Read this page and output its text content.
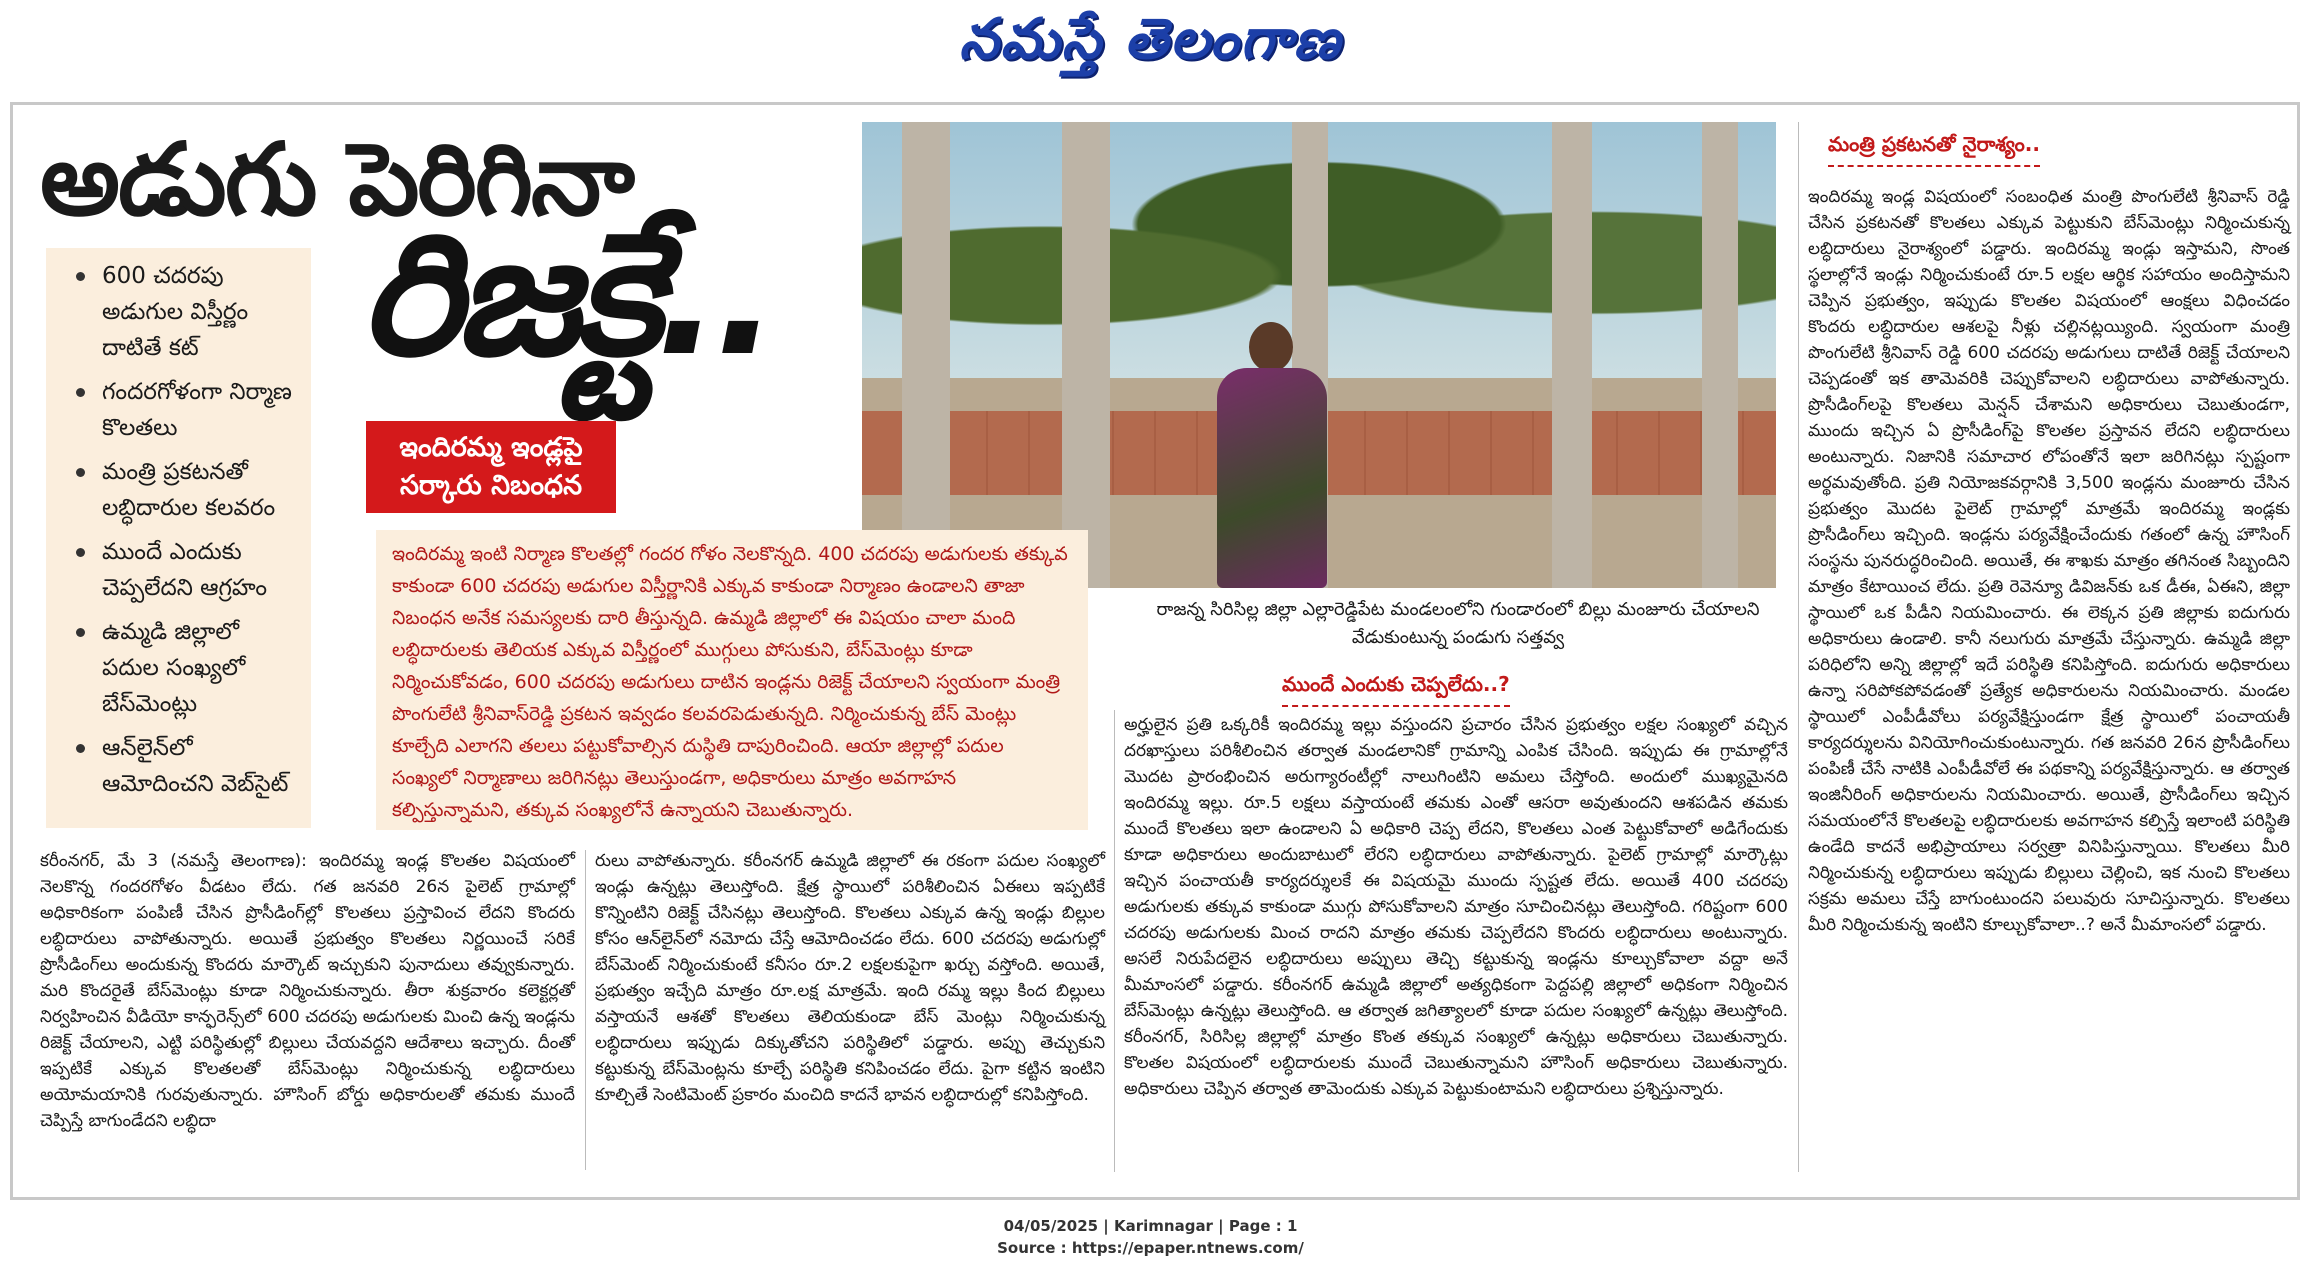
నమస్తే తెలంగాణ
అడుగు పెరిగినా
రిజక్టే..
600 చదరపు అడుగుల విస్తీర్ణం దాటితే కట్
గందరగోళంగా నిర్మాణ కొలతలు
మంత్రి ప్రకటనతో లబ్ధిదారుల కలవరం
ముందే ఎందుకు చెప్పలేదని ఆగ్రహం
ఉమ్మడి జిల్లాలో పదుల సంఖ్యలో బేస్‌మెంట్లు
ఆన్‌లైన్‌లో ఆమోదించని వెబ్‌సైట్
ఇందిరమ్మ ఇండ్లపై సర్కారు నిబంధన
రాజన్న సిరిసిల్ల జిల్లా ఎల్లారెడ్డిపేట మండలంలోని గుండారంలో బిల్లు మంజూరు చేయాలని వేడుకుంటున్న పండుగు సత్తవ్వ
ఇందిరమ్మ ఇంటి నిర్మాణ కొలతల్లో గందర గోళం నెలకొన్నది. 400 చదరపు అడుగులకు తక్కువ కాకుండా 600 చదరపు అడుగుల విస్తీర్ణానికి ఎక్కువ కాకుండా నిర్మాణం ఉండాలని తాజా నిబంధన అనేక సమస్యలకు దారి తీస్తున్నది. ఉమ్మడి జిల్లాలో ఈ విషయం చాలా మంది లబ్ధిదారులకు తెలియక ఎక్కువ విస్తీర్ణంలో ముగ్గులు పోసుకుని, బేస్‌మెంట్లు కూడా నిర్మించుకోవడం, 600 చదరపు అడుగులు దాటిన ఇండ్లను రిజెక్ట్ చేయాలని స్వయంగా మంత్రి పొంగులేటి శ్రీనివాస్‌రెడ్డి ప్రకటన ఇవ్వడం కలవరపెడుతున్నది. నిర్మించుకున్న బేస్ మెంట్లు కూల్చేది ఎలాగని తలలు పట్టుకోవాల్సిన దుస్థితి దాపురించింది. ఆయా జిల్లాల్లో పదుల సంఖ్యలో నిర్మాణాలు జరిగినట్లు తెలుస్తుండగా, అధికారులు మాత్రం అవగాహన కల్పిస్తున్నామని, తక్కువ సంఖ్యలోనే ఉన్నాయని చెబుతున్నారు.
మంత్రి ప్రకటనతో నైరాశ్యం..
ముందే ఎందుకు చెప్పలేదు..?
కరీంనగర్, మే 3 (నమస్తే తెలంగాణ): ఇందిరమ్మ ఇండ్ల కొలతల విషయంలో నెలకొన్న గందరగోళం వీడటం లేదు. గత జనవరి 26న పైలెట్ గ్రామాల్లో అధికారికంగా పంపిణీ చేసిన ప్రొసీడింగ్‌ల్లో కొలతలు ప్రస్తావించ లేదని కొందరు లబ్ధిదారులు వాపోతున్నారు. అయితే ప్రభుత్వం కొలతలు నిర్ణయించే సరికే ప్రొసీడింగ్‌లు అందుకున్న కొందరు మార్కౌట్ ఇచ్చుకుని పునాదులు తవ్వుకున్నారు. మరి కొందరైతే బేస్‌మెంట్లు కూడా నిర్మించుకున్నారు. తీరా శుక్రవారం కలెక్టర్లతో నిర్వహించిన వీడియో కాన్ఫరెన్స్‌లో 600 చదరపు అడుగులకు మించి ఉన్న ఇండ్లను రిజెక్ట్ చేయాలని, ఎట్టి పరిస్థితుల్లో బిల్లులు చేయవద్దని ఆదేశాలు ఇచ్చారు. దీంతో ఇప్పటికే ఎక్కువ కొలతలతో బేస్‌మెంట్లు నిర్మించుకున్న లబ్ధిదారులు అయోమయానికి గురవుతున్నారు. హౌసింగ్ బోర్డు అధికారులతో తమకు ముందే చెప్పిస్తే బాగుండేదని లబ్ధిదా
రులు వాపోతున్నారు. కరీంనగర్ ఉమ్మడి జిల్లాలో ఈ రకంగా పదుల సంఖ్యలో ఇండ్లు ఉన్నట్లు తెలుస్తోంది. క్షేత్ర స్థాయిలో పరిశీలించిన ఏఈలు ఇప్పటికే కొన్నింటిని రిజెక్ట్ చేసినట్లు తెలుస్తోంది. కొలతలు ఎక్కువ ఉన్న ఇండ్లు బిల్లుల కోసం ఆన్‌లైన్‌లో నమోదు చేస్తే ఆమోదించడం లేదు. 600 చదరపు అడుగుల్లో బేస్‌మెంట్ నిర్మించుకుంటే కనీసం రూ.2 లక్షలకుపైగా ఖర్చు వస్తోంది. అయితే, ప్రభుత్వం ఇచ్చేది మాత్రం రూ.లక్ష మాత్రమే. ఇంది రమ్మ ఇల్లు కింద బిల్లులు వస్తాయనే ఆశతో కొలతలు తెలియకుండా బేస్ మెంట్లు నిర్మించుకున్న లబ్ధిదారులు ఇప్పుడు దిక్కుతోచని పరిస్థితిలో పడ్డారు. అప్పు తెచ్చుకుని కట్టుకున్న బేస్‌మెంట్లను కూల్చే పరిస్థితి కనిపించడం లేదు. పైగా కట్టిన ఇంటిని కూల్చితే సెంటిమెంట్ ప్రకారం మంచిది కాదనే భావన లబ్ధిదారుల్లో కనిపిస్తోంది.
అర్హులైన ప్రతి ఒక్కరికీ ఇందిరమ్మ ఇల్లు వస్తుందని ప్రచారం చేసిన ప్రభుత్వం లక్షల సంఖ్యలో వచ్చిన దరఖాస్తులు పరిశీలించిన తర్వాత మండలానికో గ్రామాన్ని ఎంపిక చేసింది. ఇప్పుడు ఈ గ్రామాల్లోనే మొదట ప్రారంభించిన అరుగ్యారంటీల్లో నాలుగింటిని అమలు చేస్తోంది. అందులో ముఖ్యమైనది ఇందిరమ్మ ఇల్లు. రూ.5 లక్షలు వస్తాయంటే తమకు ఎంతో ఆసరా అవుతుందని ఆశపడిన తమకు ముందే కొలతలు ఇలా ఉండాలని ఏ అధికారి చెప్ప లేదని, కొలతలు ఎంత పెట్టుకోవాలో అడిగేందుకు కూడా అధికారులు అందుబాటులో లేరని లబ్ధిదారులు వాపోతున్నారు. పైలెట్ గ్రామాల్లో మార్కౌట్లు ఇచ్చిన పంచాయతీ కార్యదర్శులకే ఈ విషయమై ముందు స్పష్టత లేదు. అయితే 400 చదరపు అడుగులకు తక్కువ కాకుండా ముగ్గు పోసుకోవాలని మాత్రం సూచించినట్లు తెలుస్తోంది. గరిష్టంగా 600 చదరపు అడుగులకు మించ రాదని మాత్రం తమకు చెప్పలేదని కొందరు లబ్ధిదారులు అంటున్నారు. అసలే నిరుపేదలైన లబ్ధిదారులు అప్పులు తెచ్చి కట్టుకున్న ఇండ్లను కూల్చుకోవాలా వద్దా అనే మీమాంసలో పడ్డారు. కరీంనగర్ ఉమ్మడి జిల్లాలో అత్యధికంగా పెద్దపల్లి జిల్లాలో అధికంగా నిర్మించిన బేస్‌మెంట్లు ఉన్నట్లు తెలుస్తోంది. ఆ తర్వాత జగిత్యాలలో కూడా పదుల సంఖ్యలో ఉన్నట్లు తెలుస్తోంది. కరీంనగర్, సిరిసిల్ల జిల్లాల్లో మాత్రం కొంత తక్కువ సంఖ్యలో ఉన్నట్లు అధికారులు చెబుతున్నారు. కొలతల విషయంలో లబ్ధిదారులకు ముందే చెబుతున్నామని హౌసింగ్ అధికారులు చెబుతున్నారు. అధికారులు చెప్పిన తర్వాత తామెందుకు ఎక్కువ పెట్టుకుంటామని లబ్ధిదారులు ప్రశ్నిస్తున్నారు.
ఇందిరమ్మ ఇండ్ల విషయంలో సంబంధిత మంత్రి పొంగులేటి శ్రీనివాస్ రెడ్డి చేసిన ప్రకటనతో కొలతలు ఎక్కువ పెట్టుకుని బేస్‌మెంట్లు నిర్మించుకున్న లబ్ధిదారులు నైరాశ్యంలో పడ్డారు. ఇందిరమ్మ ఇండ్లు ఇస్తామని, సొంత స్థలాల్లోనే ఇండ్లు నిర్మించుకుంటే రూ.5 లక్షల ఆర్థిక సహాయం అందిస్తామని చెప్పిన ప్రభుత్వం, ఇప్పుడు కొలతల విషయంలో ఆంక్షలు విధించడం కొందరు లబ్ధిదారుల ఆశలపై నీళ్లు చల్లినట్లయ్యింది. స్వయంగా మంత్రి పొంగులేటి శ్రీనివాస్ రెడ్డి 600 చదరపు అడుగులు దాటితే రిజెక్ట్ చేయాలని చెప్పడంతో ఇక తామెవరికి చెప్పుకోవాలని లబ్ధిదారులు వాపోతున్నారు. ప్రొసీడింగ్‌లపై కొలతలు మెన్షన్ చేశామని అధికారులు చెబుతుండగా, ముందు ఇచ్చిన ఏ ప్రొసీడింగ్‌పై కొలతల ప్రస్తావన లేదని లబ్ధిదారులు అంటున్నారు. నిజానికి సమాచార లోపంతోనే ఇలా జరిగినట్లు స్పష్టంగా అర్థమవుతోంది. ప్రతి నియోజకవర్గానికి 3,500 ఇండ్లను మంజూరు చేసిన ప్రభుత్వం మొదట పైలెట్ గ్రామాల్లో మాత్రమే ఇందిరమ్మ ఇండ్లకు ప్రొసీడింగ్‌లు ఇచ్చింది. ఇండ్లను పర్యవేక్షించేందుకు గతంలో ఉన్న హౌసింగ్ సంస్థను పునరుద్ధరించింది. అయితే, ఈ శాఖకు మాత్రం తగినంత సిబ్బందిని మాత్రం కేటాయించ లేదు. ప్రతి రెవెన్యూ డివిజన్‌కు ఒక డీఈ, ఏఈని, జిల్లా స్థాయిలో ఒక పీడీని నియమించారు. ఈ లెక్కన ప్రతి జిల్లాకు ఐదుగురు అధికారులు ఉండాలి. కానీ నలుగురు మాత్రమే చేస్తున్నారు. ఉమ్మడి జిల్లా పరిధిలోని అన్ని జిల్లాల్లో ఇదే పరిస్థితి కనిపిస్తోంది. ఐదుగురు అధికారులు ఉన్నా సరిపోకపోవడంతో ప్రత్యేక అధికారులను నియమించారు. మండల స్థాయిలో ఎంపీడీవోలు పర్యవేక్షిస్తుండగా క్షేత్ర స్థాయిలో పంచాయతీ కార్యదర్శులను వినియోగించుకుంటున్నారు. గత జనవరి 26న ప్రొసీడింగ్‌లు పంపిణీ చేసే నాటికి ఎంపీడీవోలే ఈ పథకాన్ని పర్యవేక్షిస్తున్నారు. ఆ తర్వాత ఇంజినీరింగ్ అధికారులను నియమించారు. అయితే, ప్రొసీడింగ్‌లు ఇచ్చిన సమయంలోనే కొలతలపై లబ్ధిదారులకు అవగాహన కల్పిస్తే ఇలాంటి పరిస్థితి ఉండేది కాదనే అభిప్రాయాలు సర్వత్రా వినిపిస్తున్నాయి. కొలతలు మీరి నిర్మించుకున్న లబ్ధిదారులు ఇప్పుడు బిల్లులు చెల్లించి, ఇక నుంచి కొలతలు సక్రమ అమలు చేస్తే బాగుంటుందని పలువురు సూచిస్తున్నారు. కొలతలు మీరి నిర్మించుకున్న ఇంటిని కూల్చుకోవాలా..? అనే మీమాంసలో పడ్డారు.
04/05/2025 | Karimnagar | Page : 1
Source : https://epaper.ntnews.com/
